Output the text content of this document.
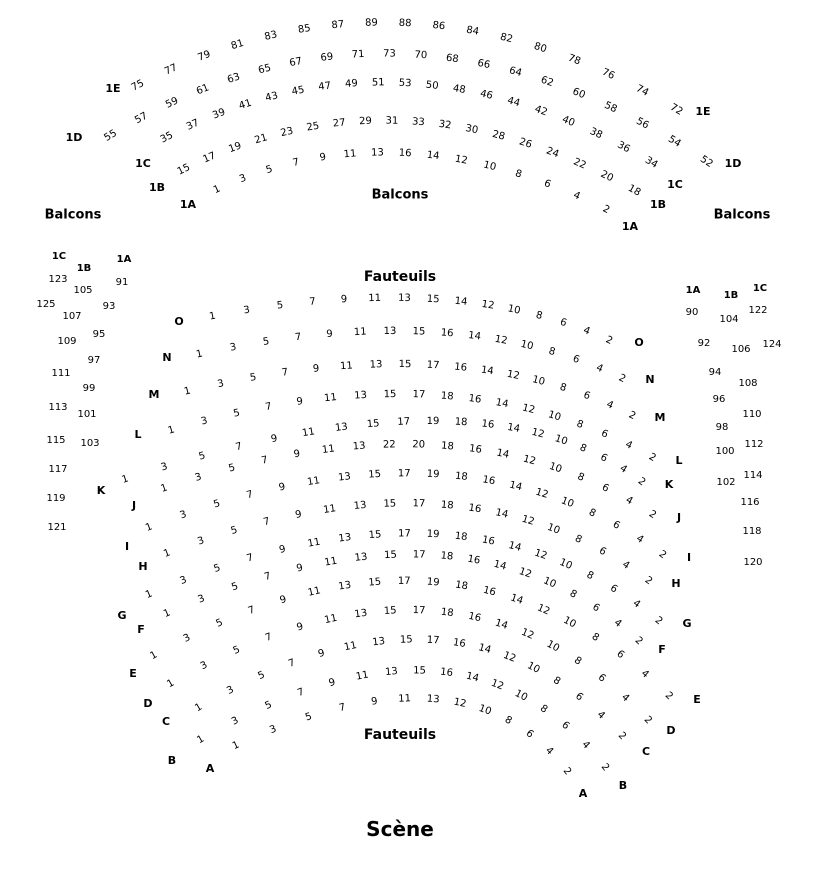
Balcons
Balcons
Balcons
Fauteuils
Fauteuils
Scène
75
77
79
81
83 85 87 89 88 86 84
82
80
78
76
74
72
1E
1E
55
57
59
61
63
65
67 69 71 73 70 68 66
64
62
60
58
56
54
52
1D
1D
35
37
39
41
43 45 47 49 51 53 50 48 46
44
42
40
38
36
34
1C
1C
15
17
19
21 23 25 27 29 31 33 32 30 28
26
24
22
20
18
1B
1B
1
3
5
7 9 11 13 16 14 12 10
8
6
4
2
1A
1A
1	3	5 7 9 11 13 15 14 12 10 8
6
4
2
O
O
1
3 5 7 9 11 13 15 16 14 12 10 8
6
4
2
N
N
1
3
5 7 9 11 13 15 17 16 14 12 10 8
6
4
2
M
M
1
3
5
7 9 11 13 15 17 18 16 14 12 10
8
6
4
2
L
L
1
3
5
7
9 11 13 15 17 19 18 16 14 12 10
8
6
4
2
K	K
1
3
5
7
9 11 13 22 20 18 16 14 12
10
8
6
4
2
J
J
1
3
5
7
9 11 13 15 17 19 18 16 14
12
10
8
6
4
2
I
I
1
3
5
7
9 11 13 15 17 18 16 14 12
10
8
6
4
2
H
H
1
3
5
7
9
11 13 15 17 19 18 16 14
12
10
8
6
4
2
G
G
1
3
5
7
9 11 13 15 17 18 16 14
12
10
8
6
4
2
F
F
1
3
5
7
9
11 13 15 17 19 18 16
14
12
10
8
6
4
2
E
E
1
3
5
7
9
11 13 15 17 18 16 14
12
10
8
6
4
2
D
D
1
3
5
7
9
11 13 15 17 16 14
12
10
8
6
4
2
C
C
1
3
5
7
9
11 13 15 16 14
12
10
8
6
4
2
B
B
1
3
5
7
9 11 13 12 10
8
6
4
2
A
A
1C
1B
1A
91
93
95
97
99
101
103
105
107
109
111
113
115
117
119
121
123
125
1A 1B
1C
90
92
94
96
98
100
102
104
106
108
110
112
114
116
118
120
122
124
